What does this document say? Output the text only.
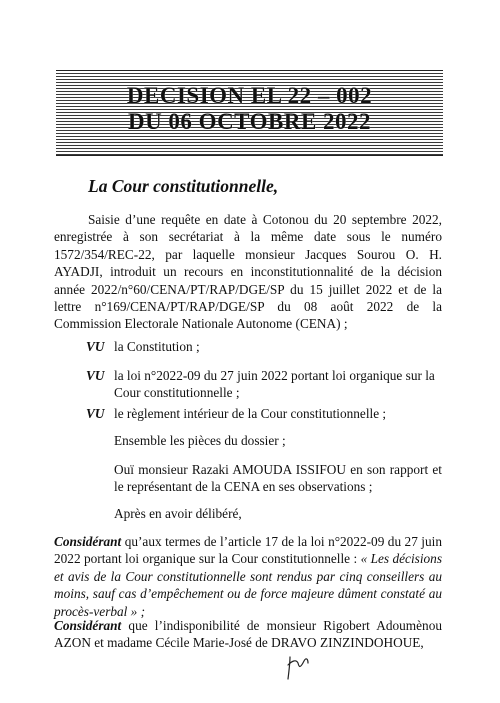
DECISION EL 22 – 002
DU 06 OCTOBRE 2022
La Cour constitutionnelle,
Saisie d’une requête en date à Cotonou du 20 septembre 2022, enregistrée à son secrétariat à la même date sous le numéro 1572/354/REC-22, par laquelle monsieur Jacques Sourou O. H. AYADJI, introduit un recours en inconstitutionnalité de la décision année 2022/n°60/CENA/PT/RAP/DGE/SP du 15 juillet 2022 et de la lettre n°169/CENA/PT/RAP/DGE/SP du 08 août 2022 de la Commission Electorale Nationale Autonome (CENA) ;
VU la Constitution ;
VU la loi n°2022-09 du 27 juin 2022 portant loi organique sur la Cour constitutionnelle ;
VU le règlement intérieur de la Cour constitutionnelle ;
Ensemble les pièces du dossier ;
Ouï monsieur Razaki AMOUDA ISSIFOU en son rapport et le représentant de la CENA en ses observations ;
Après en avoir délibéré,
Considérant qu’aux termes de l’article 17 de la loi n°2022-09 du 27 juin 2022 portant loi organique sur la Cour constitutionnelle : « Les décisions et avis de la Cour constitutionnelle sont rendus par cinq conseillers au moins, sauf cas d’empêchement ou de force majeure dûment constaté au procès-verbal » ;
Considérant que l’indisponibilité de monsieur Rigobert Adoumènou AZON et madame Cécile Marie-José de DRAVO ZINZINDOHOUE,
